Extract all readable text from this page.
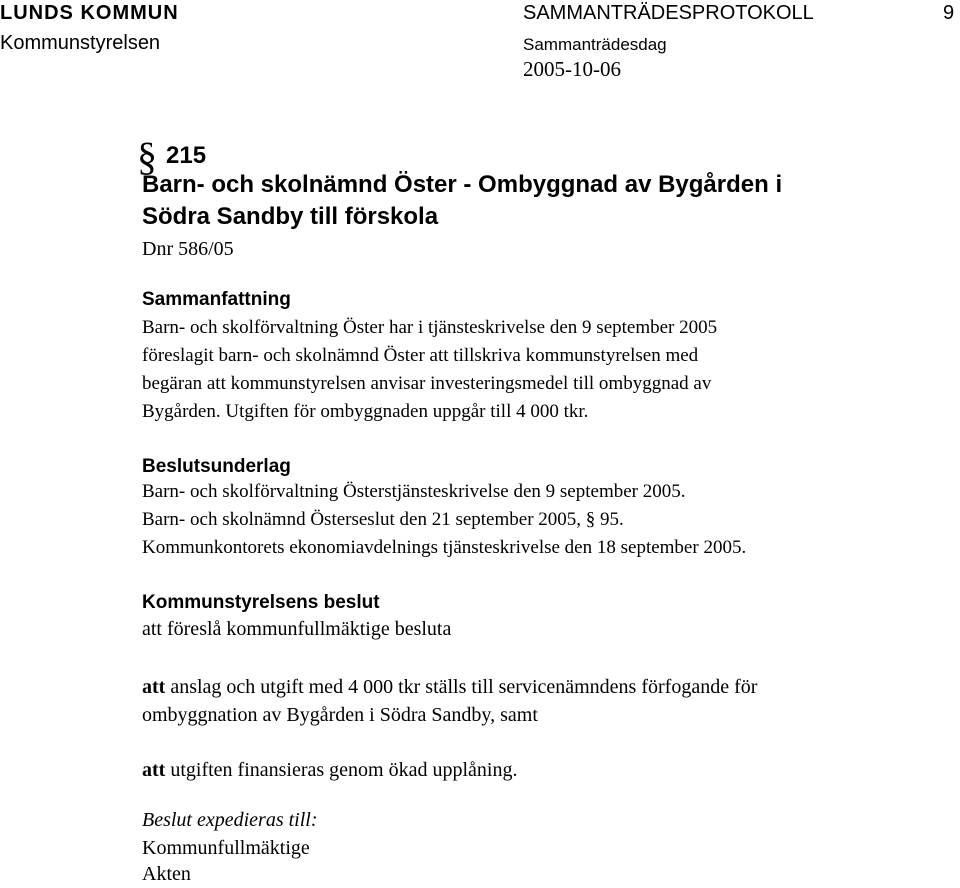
LUNDS KOMMUN	SAMMANTRÄDESPROTOKOLL	9
Kommunstyrelsen	Sammanträdesdag
2005-10-06
§ 215
Barn- och skolnämnd Öster - Ombyggnad av Bygården i
Södra Sandby till förskola
Dnr 586/05
Sammanfattning
Barn- och skolförvaltning Öster har i tjänsteskrivelse den 9 september 2005
föreslagit barn- och skolnämnd Öster att tillskriva kommunstyrelsen med
begäran att kommunstyrelsen anvisar investeringsmedel till ombyggnad av
Bygården. Utgiften för ombyggnaden uppgår till 4 000 tkr.
Beslutsunderlag
Barn- och skolförvaltning Österstjänsteskrivelse den 9 september 2005.
Barn- och skolnämnd Österseslut den 21 september 2005, § 95.
Kommunkontorets ekonomiavdelnings tjänsteskrivelse den 18 september 2005.
Kommunstyrelsens beslut
att föreslå kommunfullmäktige besluta
att anslag och utgift med 4 000 tkr ställs till servicenämndens förfogande för
ombyggnation av Bygården i Södra Sandby, samt
att utgiften finansieras genom ökad upplåning.
Beslut expedieras till:
Kommunfullmäktige
Akten
